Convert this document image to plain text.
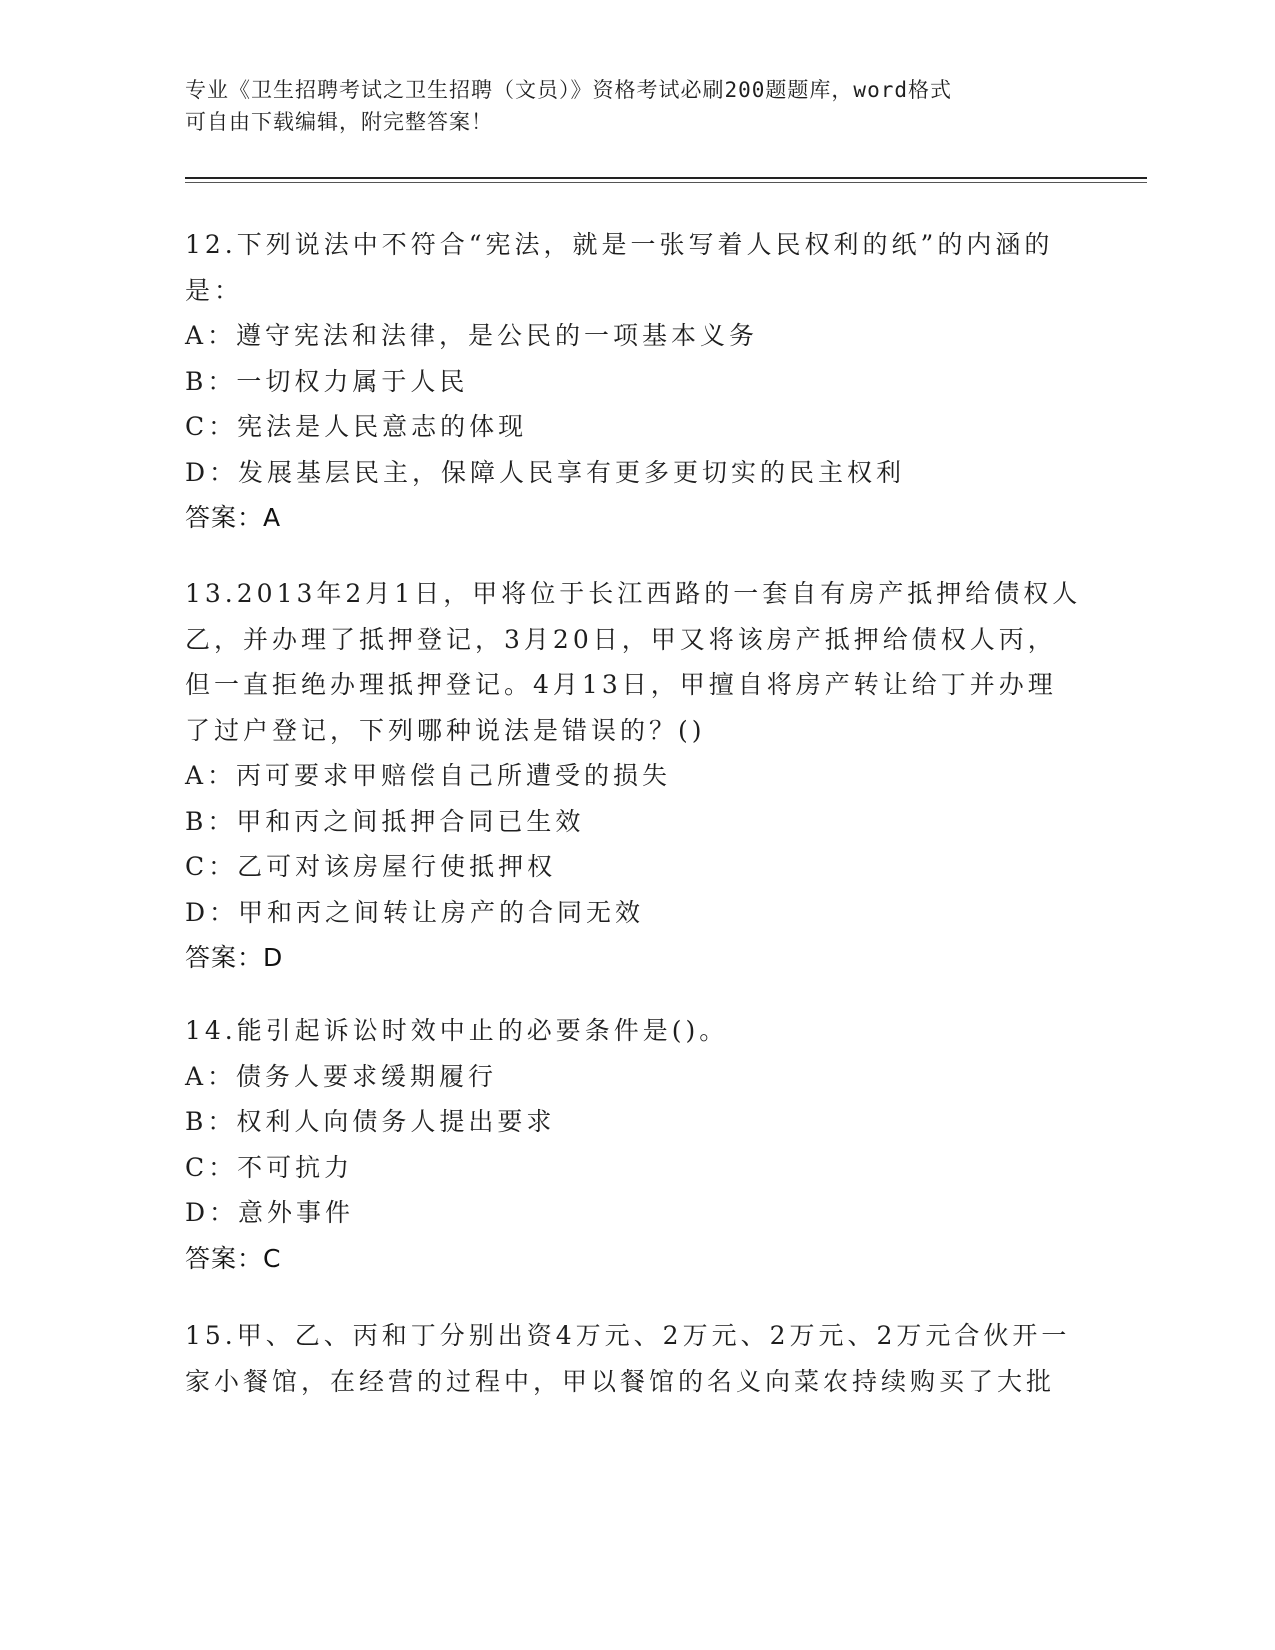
专业《卫生招聘考试之卫生招聘（文员）》资格考试必刷200题题库，word格式
可自由下载编辑，附完整答案！
12.下列说法中不符合“宪法，就是一张写着人民权利的纸”的内涵的
是：
A：遵守宪法和法律，是公民的一项基本义务
B：一切权力属于人民
C：宪法是人民意志的体现
D：发展基层民主，保障人民享有更多更切实的民主权利
答案：A
13.2013年2月1日，甲将位于长江西路的一套自有房产抵押给债权人
乙，并办理了抵押登记，3月20日，甲又将该房产抵押给债权人丙，
但一直拒绝办理抵押登记。4月13日，甲擅自将房产转让给丁并办理
了过户登记，下列哪种说法是错误的？()
A：丙可要求甲赔偿自己所遭受的损失
B：甲和丙之间抵押合同已生效
C：乙可对该房屋行使抵押权
D：甲和丙之间转让房产的合同无效
答案：D
14.能引起诉讼时效中止的必要条件是()。
A：债务人要求缓期履行
B：权利人向债务人提出要求
C：不可抗力
D：意外事件
答案：C
15.甲、乙、丙和丁分别出资4万元、2万元、2万元、2万元合伙开一
家小餐馆，在经营的过程中，甲以餐馆的名义向菜农持续购买了大批
